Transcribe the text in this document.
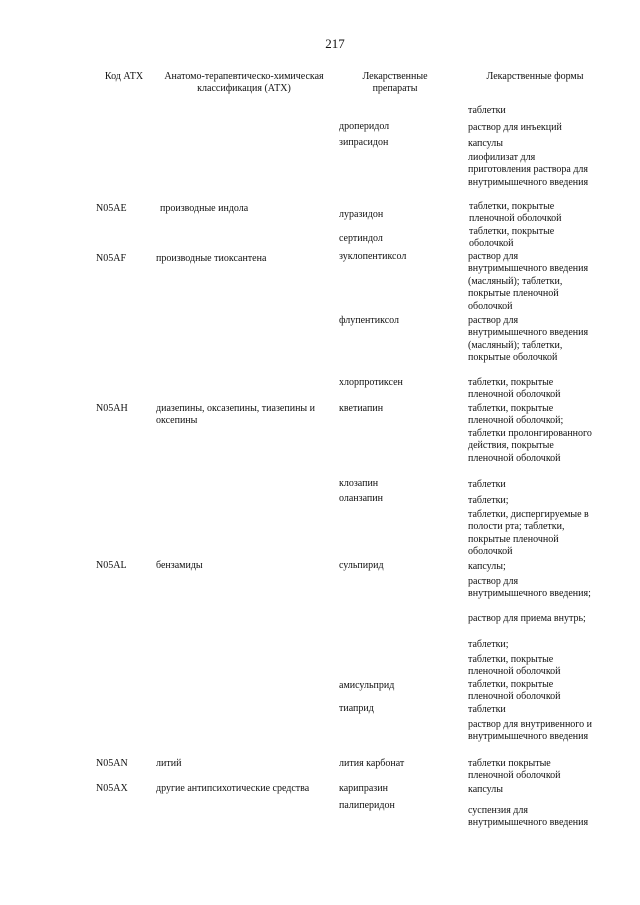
217
Код АТХ	Анатомо-терапевтическо-химическая классификация (АТХ)
Лекарственные препараты
Лекарственные формы
N05AE
N05AF
N05AH
N05AL
N05AN
N05AX
производные индола
производные тиоксантена
диазепины, оксазепины, тиазепины и оксепины
бензамиды
литий
другие антипсихотические средства
дроперидол
зипрасидон
луразидон
сертиндол
зуклопентиксол
флупентиксол
хлорпротиксен
кветиапин
клозапин
оланзапин
сульпирид
амисульприд
тиаприд
лития карбонат
карипразин
палиперидон
таблетки
раствор для инъекций
капсулы
лиофилизат для приготовления раствора для внутримышечного введения
таблетки, покрытые пленочной оболочкой
таблетки, покрытые оболочкой
раствор для внутримышечного введения (масляный); таблетки, покрытые пленочной оболочкой
раствор для внутримышечного введения (масляный); таблетки, покрытые оболочкой
таблетки, покрытые пленочной оболочкой
таблетки, покрытые пленочной оболочкой; таблетки пролонгированного действия, покрытые пленочной оболочкой
таблетки
таблетки;
таблетки, диспергируемые в полости рта; таблетки, покрытые пленочной оболочкой
капсулы;
раствор для внутримышечного введения;
раствор для приема внутрь;
таблетки;
таблетки, покрытые пленочной оболочкой
таблетки, покрытые пленочной оболочкой
таблетки
раствор для внутривенного и внутримышечного введения
таблетки покрытые пленочной оболочкой
капсулы
суспензия для внутримышечного введения
